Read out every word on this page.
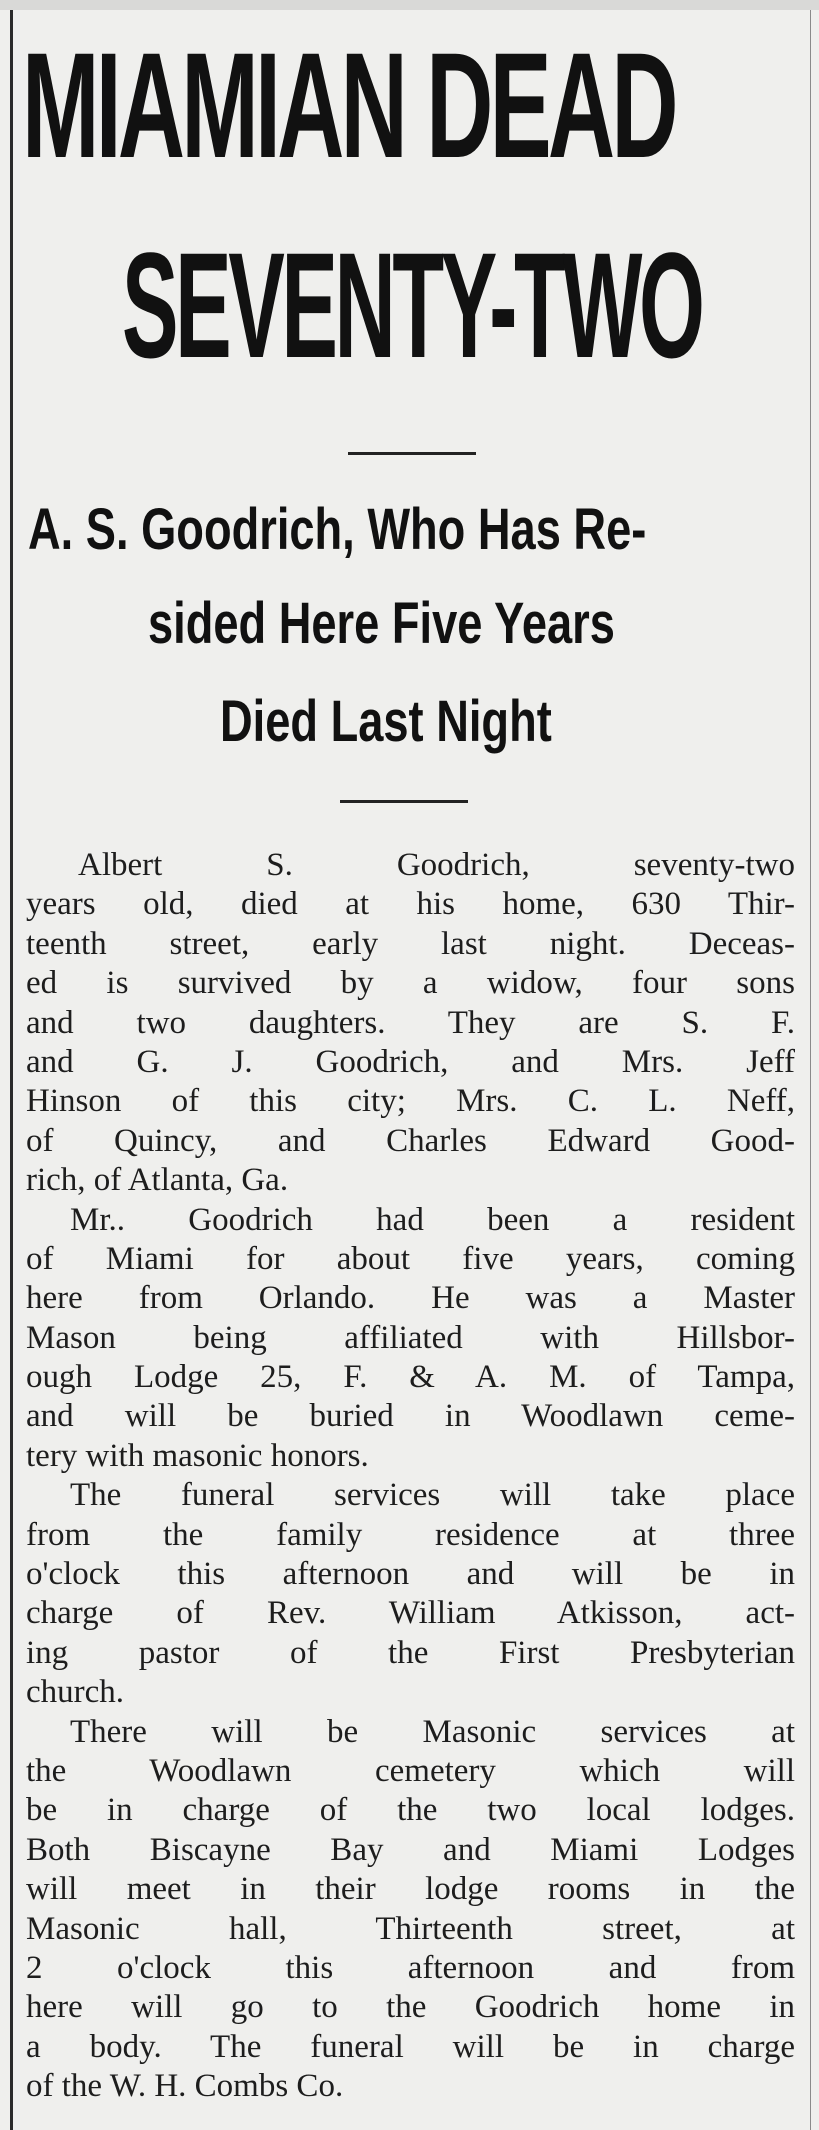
MIAMIAN DEAD
SEVENTY-TWO
A. S. Goodrich, Who Has Re-
sided Here Five Years
Died Last Night
Albert S. Goodrich, seventy-two
years old, died at his home, 630 Thir-
teenth street, early last night. Deceas-
ed is survived by a widow, four sons
and two daughters. They are S. F.
and G. J. Goodrich, and Mrs. Jeff
Hinson of this city; Mrs. C. L. Neff,
of Quincy, and Charles Edward Good-
rich, of Atlanta, Ga.
Mr.. Goodrich had been a resident
of Miami for about five years, coming
here from Orlando. He was a Master
Mason being affiliated with Hillsbor-
ough Lodge 25, F. & A. M. of Tampa,
and will be buried in Woodlawn ceme-
tery with masonic honors.
The funeral services will take place
from the family residence at three
o'clock this afternoon and will be in
charge of Rev. William Atkisson, act-
ing pastor of the First Presbyterian
church.
There will be Masonic services at
the Woodlawn cemetery which will
be in charge of the two local lodges.
Both Biscayne Bay and Miami Lodges
will meet in their lodge rooms in the
Masonic hall, Thirteenth street, at
2 o'clock this afternoon and from
here will go to the Goodrich home in
a body. The funeral will be in charge
of the W. H. Combs Co.
